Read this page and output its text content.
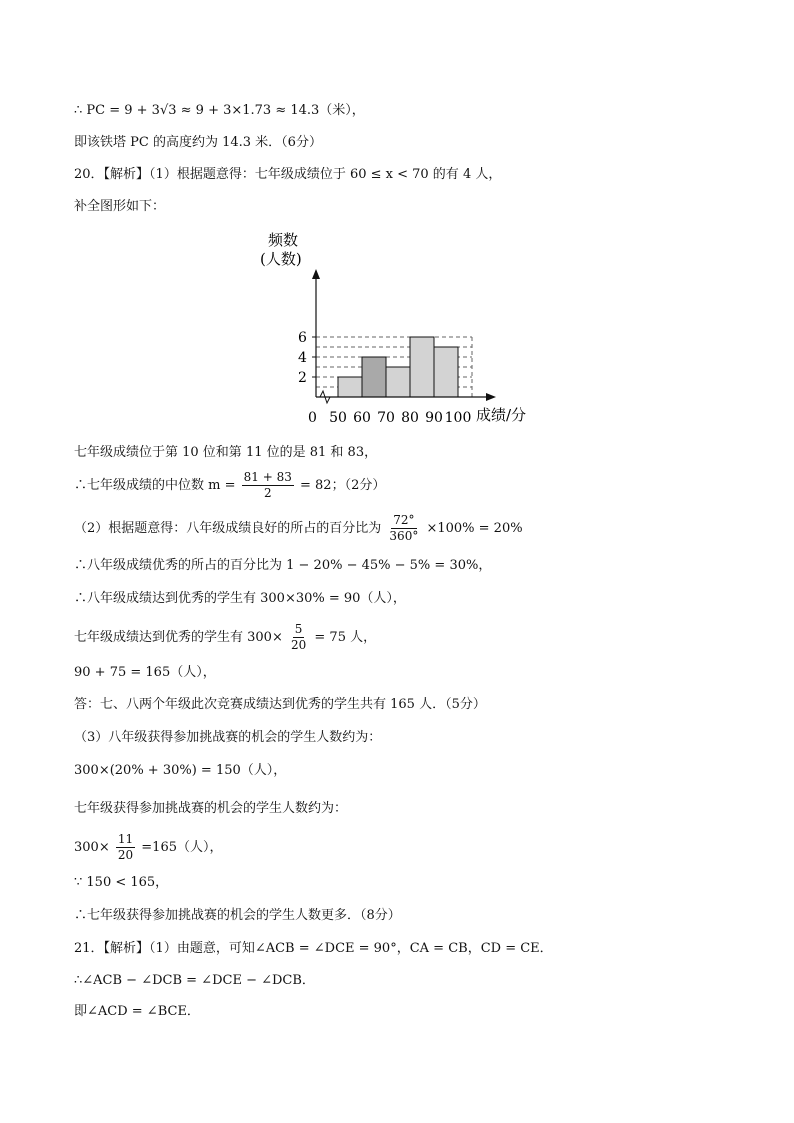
∴ PC = 9 + 3√3 ≈ 9 + 3×1.73 ≈ 14.3（米），
即该铁塔 PC 的高度约为 14.3 米．（6分）
20．【解析】（1）根据题意得：七年级成绩位于 60 ≤ x < 70 的有 4 人，
补全图形如下：
频数
(人数)
2
4
6
50 60 70 80 90 100
0	成绩/分
七年级成绩位于第 10 位和第 11 位的是 81 和 83，
∴七年级成绩的中位数 $m = \frac{81 + 83}{2} = 82$；（2分）
（2）根据题意得：八年级成绩良好的所占的百分比为 $\frac{72^\circ}{360^\circ} \times 100\% = 20\%$
∴八年级成绩优秀的所占的百分比为 1 − 20% − 45% − 5% = 30%，
∴八年级成绩达到优秀的学生有 300×30% = 90（人），
七年级成绩达到优秀的学生有 $300\times \frac{5}{20} = 75$ 人，
90 + 75 = 165（人），
答：七、八两个年级此次竞赛成绩达到优秀的学生共有 165 人．（5分）
（3）八年级获得参加挑战赛的机会的学生人数约为：
300×(20% + 30%) = 150（人），
七年级获得参加挑战赛的机会的学生人数约为：
$300\times \frac{11}{20} =165$（人），
∵ 150 < 165，
∴七年级获得参加挑战赛的机会的学生人数更多．（8分）
21．【解析】（1）由题意，可知∠ACB = ∠DCE = 90°，CA = CB，CD = CE．
∴∠ACB − ∠DCB = ∠DCE − ∠DCB．
即∠ACD = ∠BCE．
